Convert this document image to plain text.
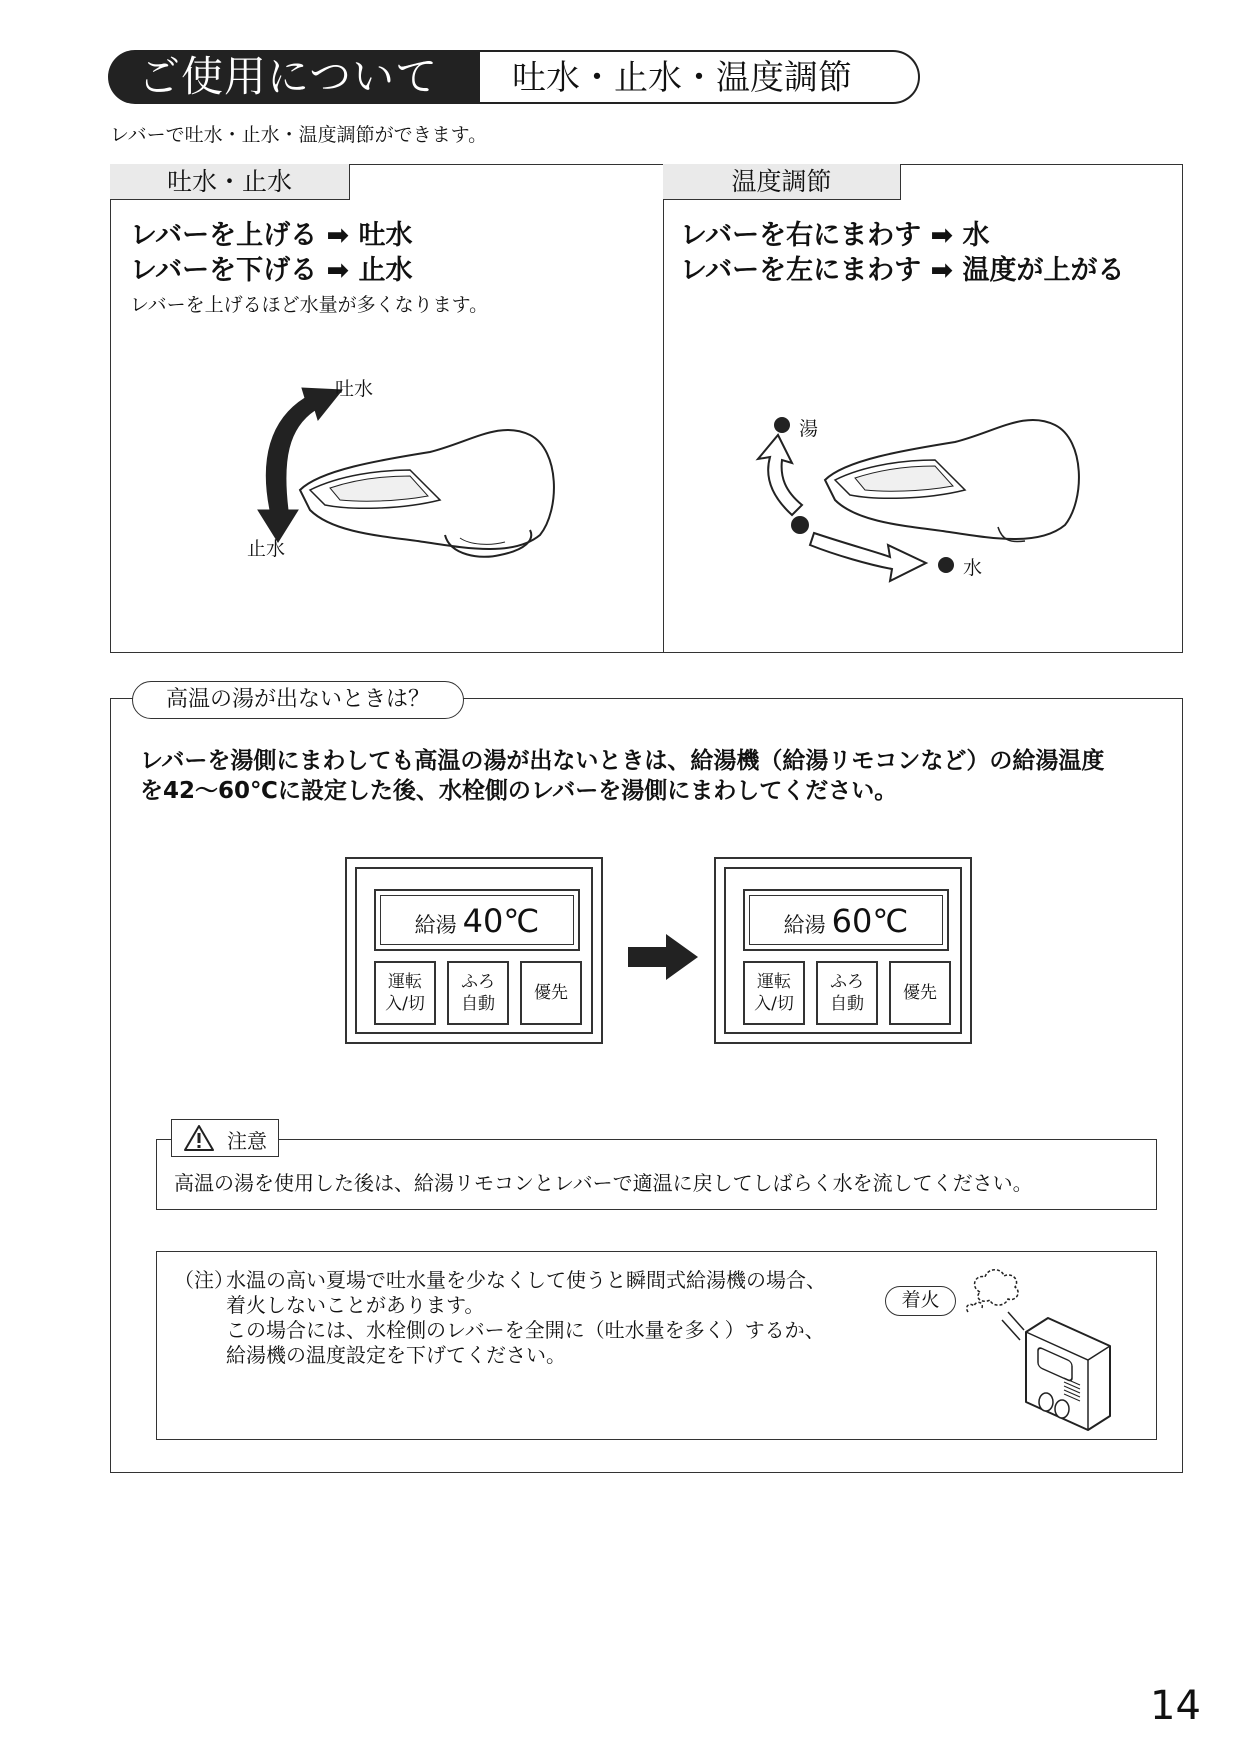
ご使用について 吐水・止水・温度調節
レバーで吐水・止水・温度調節ができます。
吐水・止水
レバーを上げる ➡ 吐水
レバーを下げる ➡ 止水
レバーを上げるほど水量が多くなります。
吐水
止水
温度調節
レバーを右にまわす ➡ 水
レバーを左にまわす ➡ 温度が上がる
湯
水
高温の湯が出ないときは？
レバーを湯側にまわしても高温の湯が出ないときは、給湯機（給湯リモコンなど）の給湯温度
を42～60℃に設定した後、水栓側のレバーを湯側にまわしてください。
給湯 40℃
運転
入/切
ふろ
自動
優先
給湯 60℃
運転
入/切
ふろ
自動
優先
注意
高温の湯を使用した後は、給湯リモコンとレバーで適温に戻してしばらく水を流してください。
（注）
水温の高い夏場で吐水量を少なくして使うと瞬間式給湯機の場合、
着火しないことがあります。
この場合には、水栓側のレバーを全開に（吐水量を多く）するか、
給湯機の温度設定を下げてください。
着火
14
